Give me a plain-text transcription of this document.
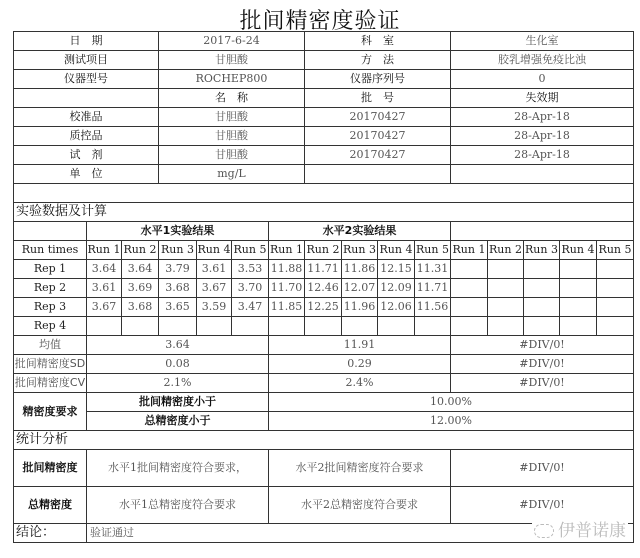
批间精密度验证
日　期	2017-6-24	科　室	生化室
测试项目	甘胆酸	方　法	胶乳增强免疫比浊
仪器型号	ROCHEP800	仪器序列号	0
	名　称	批　号	失效期
校准品	甘胆酸	20170427	28-Apr-18
质控品	甘胆酸	20170427	28-Apr-18
试　剂	甘胆酸	20170427	28-Apr-18
单　位	mg/L		

实验数据及计算															
	水平1实验结果					水平2实验结果									
Run times	Run 1	Run 2	Run 3	Run 4	Run 5	Run 1	Run 2	Run 3	Run 4	Run 5	Run 1	Run 2	Run 3	Run 4	Run 5
Rep 1	3.64	3.64	3.79	3.61	3.53	11.88	11.71	11.86	12.15	11.31					
Rep 2	3.61	3.69	3.68	3.67	3.70	11.70	12.46	12.07	12.09	11.71					
Rep 3	3.67	3.68	3.65	3.59	3.47	11.85	12.25	11.96	12.06	11.56					
Rep 4															
均值	3.64					11.91					#DIV/0!				
批间精密度SD	0.08					0.29					#DIV/0!				
批间精密度CV	2.1%					2.4%					#DIV/0!				
精密度要求	批间精密度小于					10.00%									
	总精密度小于					12.00%									
统计分析															
批间精密度	水平1批间精密度符合要求，					水平2批间精密度符合要求					#DIV/0!				
总精密度	水平1总精密度符合要求					水平2总精密度符合要求					#DIV/0!				
结论：	验证通过															伊普诺康
